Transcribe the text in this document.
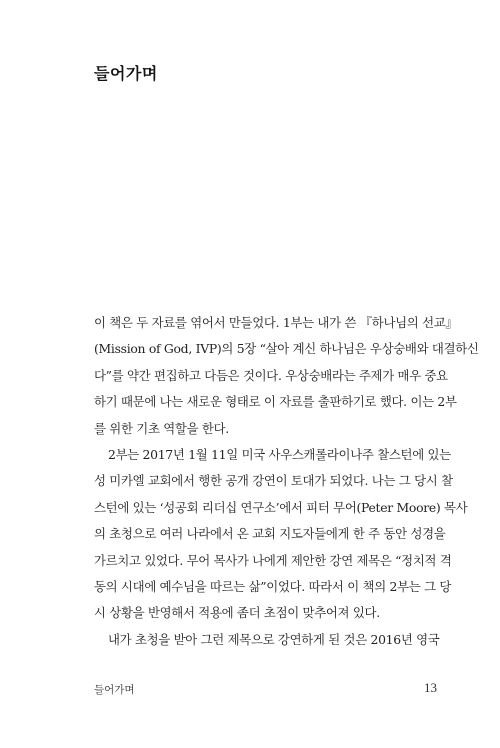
들어가며
이 책은 두 자료를 엮어서 만들었다. 1부는 내가 쓴 『하나님의 선교』
(Mission of God, IVP)의 5장 “살아 계신 하나님은 우상숭배와 대결하신
다”를 약간 편집하고 다듬은 것이다. 우상숭배라는 주제가 매우 중요
하기 때문에 나는 새로운 형태로 이 자료를 출판하기로 했다. 이는 2부
를 위한 기초 역할을 한다.
2부는 2017년 1월 11일 미국 사우스캐롤라이나주 찰스턴에 있는
성 미카엘 교회에서 행한 공개 강연이 토대가 되었다. 나는 그 당시 찰
스턴에 있는 ‘성공회 리더십 연구소’에서 피터 무어(Peter Moore) 목사
의 초청으로 여러 나라에서 온 교회 지도자들에게 한 주 동안 성경을
가르치고 있었다. 무어 목사가 나에게 제안한 강연 제목은 “정치적 격
동의 시대에 예수님을 따르는 삶”이었다. 따라서 이 책의 2부는 그 당
시 상황을 반영해서 적용에 좀더 초점이 맞추어져 있다.
내가 초청을 받아 그런 제목으로 강연하게 된 것은 2016년 영국
들어가며	13
